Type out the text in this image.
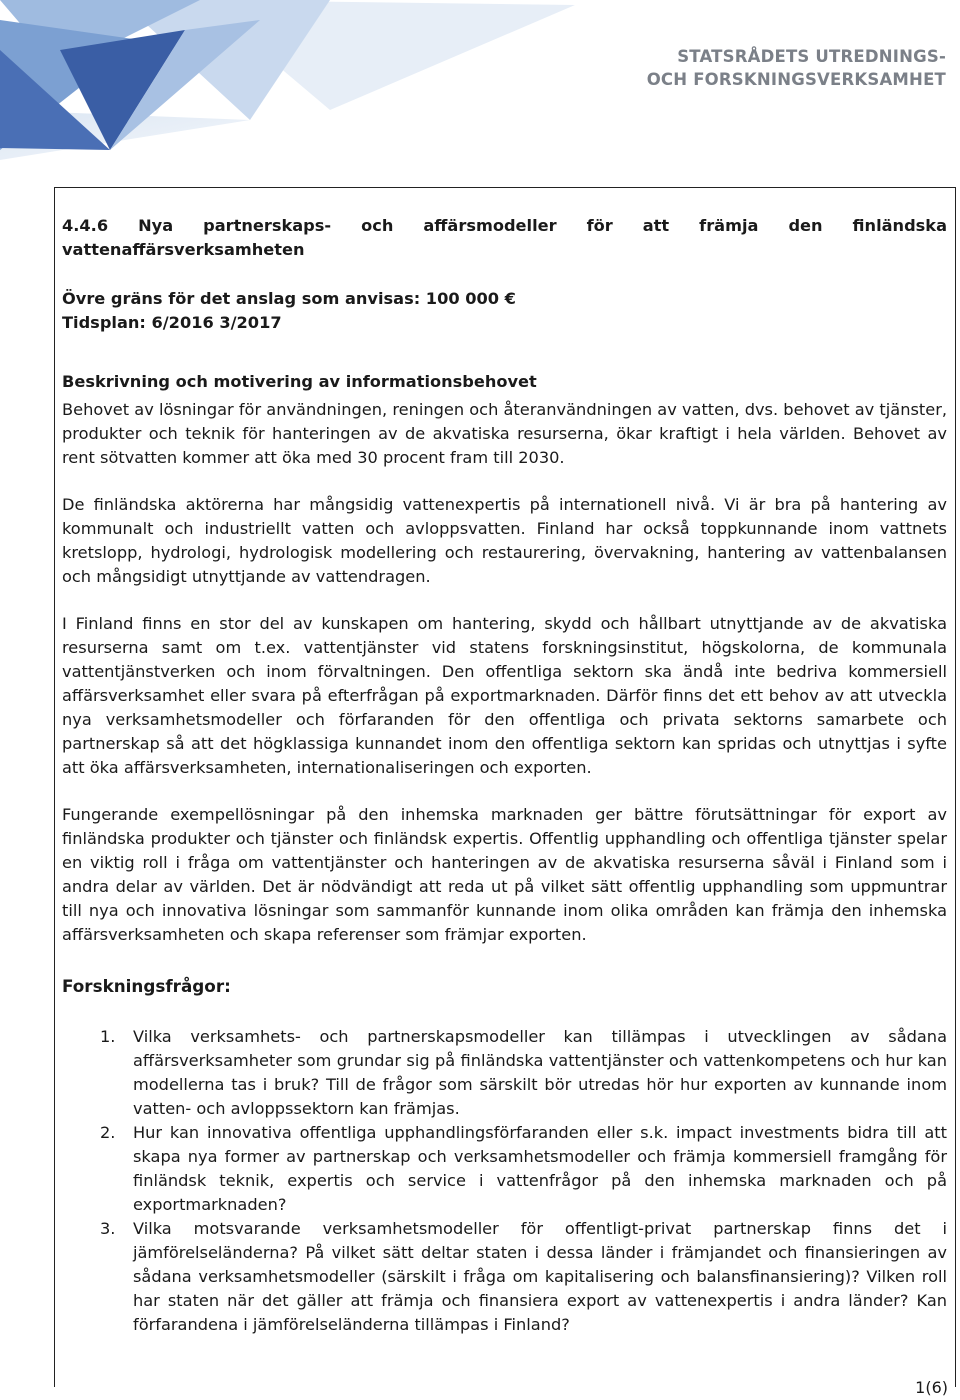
STATSRÅDETS UTREDNINGS-
OCH FORSKNINGSVERKSAMHET
4.4.6 Nya partnerskaps- och affärsmodeller för att främja den finländska vattenaffärsverksamheten
Övre gräns för det anslag som anvisas: 100 000 €
Tidsplan: 6/2016 3/2017
Beskrivning och motivering av informationsbehovet

Behovet av lösningar för användningen, reningen och återanvändningen av vatten, dvs. behovet av tjänster, produkter och teknik för hanteringen av de akvatiska resurserna, ökar kraftigt i hela världen. Behovet av rent sötvatten kommer att öka med 30 procent fram till 2030.

De finländska aktörerna har mångsidig vattenexpertis på internationell nivå. Vi är bra på hantering av kommunalt och industriellt vatten och avloppsvatten. Finland har också toppkunnande inom vattnets kretslopp, hydrologi, hydrologisk modellering och restaurering, övervakning, hantering av vattenbalansen och mångsidigt utnyttjande av vattendragen.

I Finland finns en stor del av kunskapen om hantering, skydd och hållbart utnyttjande av de akvatiska resurserna samt om t.ex. vattentjänster vid statens forskningsinstitut, högskolorna, de kommunala vattentjänstverken och inom förvaltningen. Den offentliga sektorn ska ändå inte bedriva kommersiell affärsverksamhet eller svara på efterfrågan på exportmarknaden. Därför finns det ett behov av att utveckla nya verksamhetsmodeller och förfaranden för den offentliga och privata sektorns samarbete och partnerskap så att det högklassiga kunnandet inom den offentliga sektorn kan spridas och utnyttjas i syfte att öka affärsverksamheten, internationaliseringen och exporten.

Fungerande exempellösningar på den inhemska marknaden ger bättre förutsättningar för export av finländska produkter och tjänster och finländsk expertis. Offentlig upphandling och offentliga tjänster spelar en viktig roll i fråga om vattentjänster och hanteringen av de akvatiska resurserna såväl i Finland som i andra delar av världen. Det är nödvändigt att reda ut på vilket sätt offentlig upphandling som uppmuntrar till nya och innovativa lösningar som sammanför kunnande inom olika områden kan främja den inhemska affärsverksamheten och skapa referenser som främjar exporten.

Forskningsfrågor:
1.	Vilka verksamhets- och partnerskapsmodeller kan tillämpas i utvecklingen av sådana affärsverksamheter som grundar sig på finländska vattentjänster och vattenkompetens och hur kan modellerna tas i bruk? Till de frågor som särskilt bör utredas hör hur exporten av kunnande inom vatten- och avloppssektorn kan främjas.
2.	Hur kan innovativa offentliga upphandlingsförfaranden eller s.k. impact investments bidra till att skapa nya former av partnerskap och verksamhetsmodeller och främja kommersiell framgång för finländsk teknik, expertis och service i vattenfrågor på den inhemska marknaden och på exportmarknaden?
3.	Vilka motsvarande verksamhetsmodeller för offentligt-privat partnerskap finns det i jämförelseländerna? På vilket sätt deltar staten i dessa länder i främjandet och finansieringen av sådana verksamhetsmodeller (särskilt i fråga om kapitalisering och balansfinansiering)? Vilken roll har staten när det gäller att främja och finansiera export av vattenexpertis i andra länder? Kan förfarandena i jämförelseländerna tillämpas i Finland?
1(6)
